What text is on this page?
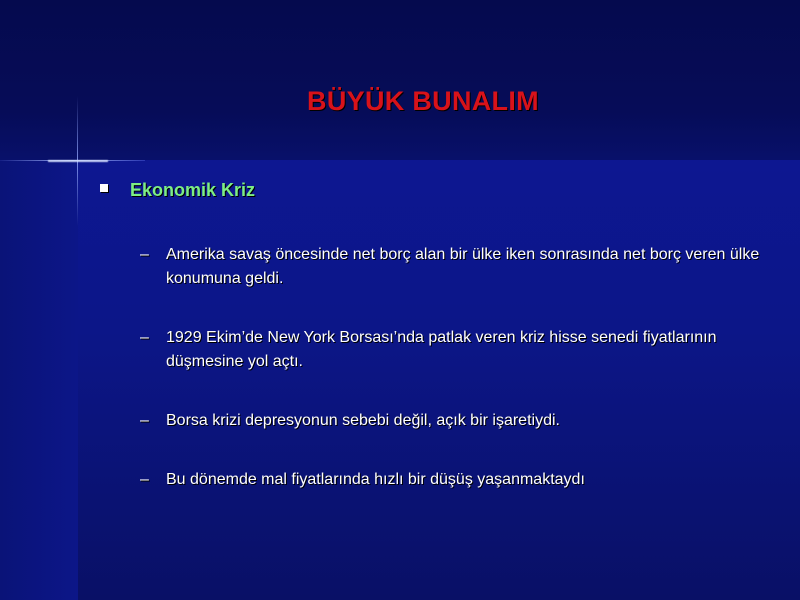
BÜYÜK BUNALIM
Ekonomik Kriz
–	Amerika savaş öncesinde net borç alan bir ülke iken sonrasında net borç veren ülke konumuna geldi.
–	1929 Ekim’de New York Borsası’nda patlak veren kriz hisse senedi fiyatlarının düşmesine yol açtı.
–	Borsa krizi depresyonun sebebi değil, açık bir işaretiydi.
–	Bu dönemde mal fiyatlarında hızlı bir düşüş yaşanmaktaydı
